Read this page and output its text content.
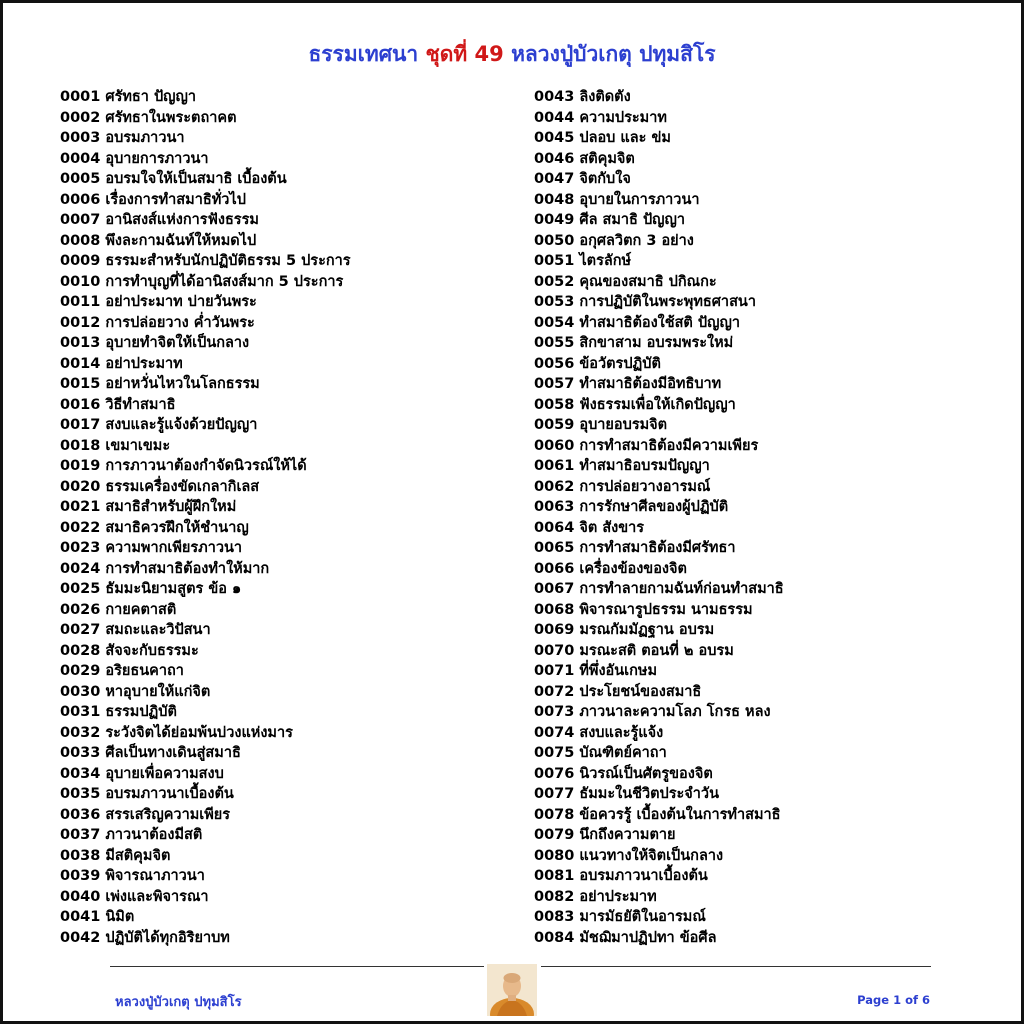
ธรรมเทศนา ชุดที่ 49 หลวงปู่บัวเกตุ ปทุมสิโร
0001 ศรัทธา ปัญญา
0002 ศรัทธาในพระตถาคต
0003 อบรมภาวนา
0004 อุบายการภาวนา
0005 อบรมใจให้เป็นสมาธิ เบื้องต้น
0006 เรื่องการทำสมาธิทั่วไป
0007 อานิสงส์แห่งการฟังธรรม
0008 พึงละกามฉันท์ให้หมดไป
0009 ธรรมะสำหรับนักปฏิบัติธรรม 5 ประการ
0010 การทำบุญที่ได้อานิสงส์มาก 5 ประการ
0011 อย่าประมาท บ่ายวันพระ
0012 การปล่อยวาง ค่ำวันพระ
0013 อุบายทำจิตให้เป็นกลาง
0014 อย่าประมาท
0015 อย่าหวั่นไหวในโลกธรรม
0016 วิธีทำสมาธิ
0017 สงบและรู้แจ้งด้วยปัญญา
0018 เขมาเขมะ
0019 การภาวนาต้องกำจัดนิวรณ์ให้ได้
0020 ธรรมเครื่องขัดเกลากิเลส
0021 สมาธิสำหรับผู้ฝึกใหม่
0022 สมาธิควรฝึกให้ชำนาญ
0023 ความพากเพียรภาวนา
0024 การทำสมาธิต้องทำให้มาก
0025 ธัมมะนิยามสูตร ข้อ ๑
0026 กายคตาสติ
0027 สมถะและวิปัสนา
0028 สัจจะกับธรรมะ
0029 อริยธนคาถา
0030 หาอุบายให้แก่จิต
0031 ธรรมปฏิบัติ
0032 ระวังจิตได้ย่อมพ้นบ่วงแห่งมาร
0033 ศีลเป็นทางเดินสู่สมาธิ
0034 อุบายเพื่อความสงบ
0035 อบรมภาวนาเบื้องต้น
0036 สรรเสริญความเพียร
0037 ภาวนาต้องมีสติ
0038 มีสติคุมจิต
0039 พิจารณาภาวนา
0040 เพ่งและพิจารณา
0041 นิมิต
0042 ปฏิบัติได้ทุกอิริยาบท
0043 ลิงติดตัง
0044 ความประมาท
0045 ปลอบ และ ข่ม
0046 สติคุมจิต
0047 จิตกับใจ
0048 อุบายในการภาวนา
0049 ศีล สมาธิ ปัญญา
0050 อกุศลวิตก 3 อย่าง
0051 ไตรลักษ์
0052 คุณของสมาธิ ปกิณกะ
0053 การปฏิบัติในพระพุทธศาสนา
0054 ทำสมาธิต้องใช้สติ ปัญญา
0055 สิกขาสาม อบรมพระใหม่
0056 ข้อวัตรปฏิบัติ
0057 ทำสมาธิต้องมีอิทธิบาท
0058 ฟังธรรมเพื่อให้เกิดปัญญา
0059 อุบายอบรมจิต
0060 การทำสมาธิต้องมีความเพียร
0061 ทำสมาธิอบรมปัญญา
0062 การปล่อยวางอารมณ์
0063 การรักษาศีลของผู้ปฏิบัติ
0064 จิต สังขาร
0065 การทำสมาธิต้องมีศรัทธา
0066 เครื่องข้องของจิต
0067 การทำลายกามฉันท์ก่อนทำสมาธิ
0068 พิจารณารูปธรรม นามธรรม
0069 มรณกัมมัฏฐาน อบรม
0070 มรณะสติ ตอนที่ ๒ อบรม
0071 ที่พึ่งอันเกษม
0072 ประโยชน์ของสมาธิ
0073 ภาวนาละความโลภ โกรธ หลง
0074 สงบและรู้แจ้ง
0075 บัณฑิตย์คาถา
0076 นิวรณ์เป็นศัตรูของจิต
0077 ธัมมะในชีวิตประจำวัน
0078 ข้อควรรู้ เบื้องต้นในการทำสมาธิ
0079 นึกถึงความตาย
0080 แนวทางให้จิตเป็นกลาง
0081 อบรมภาวนาเบื้องต้น
0082 อย่าประมาท
0083 มารมัธยัติในอารมณ์
0084 มัชฌิมาปฏิปทา ข้อศีล
หลวงปู่บัวเกตุ ปทุมสิโร	Page 1 of 6
